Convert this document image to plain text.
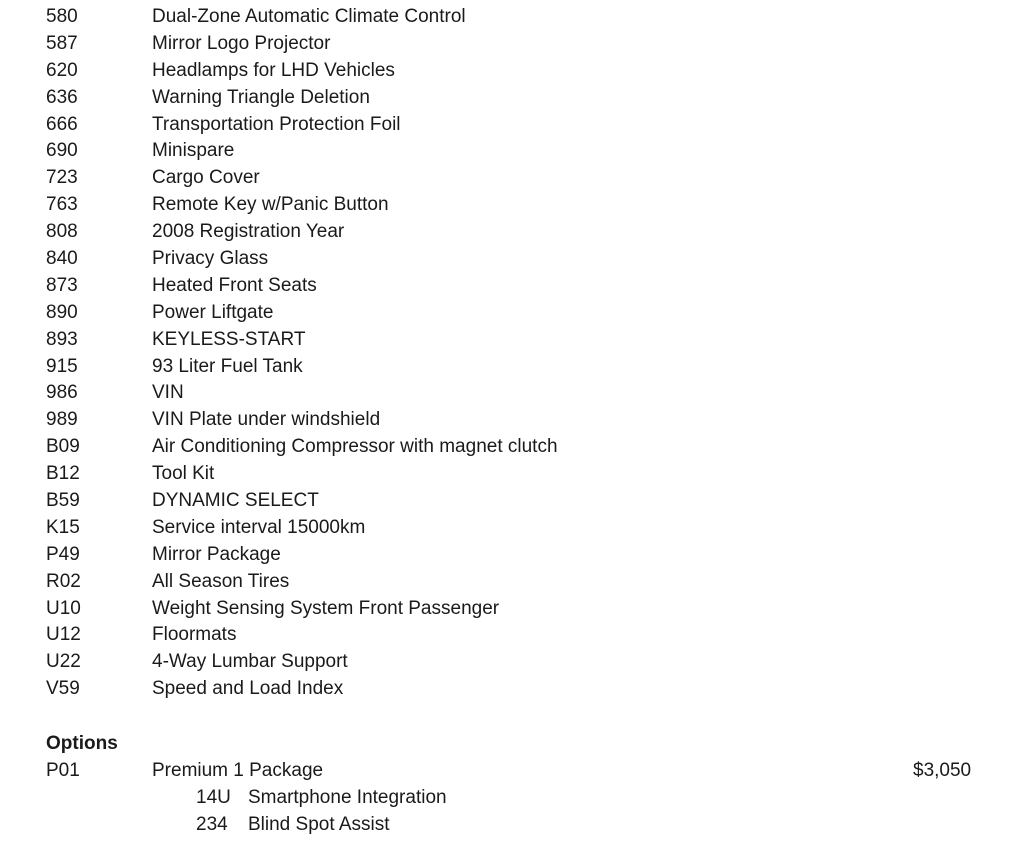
580	Dual-Zone Automatic Climate Control
587	Mirror Logo Projector
620	Headlamps for LHD Vehicles
636	Warning Triangle Deletion
666	Transportation Protection Foil
690	Minispare
723	Cargo Cover
763	Remote Key w/Panic Button
808	2008 Registration Year
840	Privacy Glass
873	Heated Front Seats
890	Power Liftgate
893	KEYLESS-START
915	93 Liter Fuel Tank
986	VIN
989	VIN Plate under windshield
B09	Air Conditioning Compressor with magnet clutch
B12	Tool Kit
B59	DYNAMIC SELECT
K15	Service interval 15000km
P49	Mirror Package
R02	All Season Tires
U10	Weight Sensing System Front Passenger
U12	Floormats
U22	4-Way Lumbar Support
V59	Speed and Load Index
Options
P01	Premium 1 Package	$3,050
14U Smartphone Integration
234 Blind Spot Assist
